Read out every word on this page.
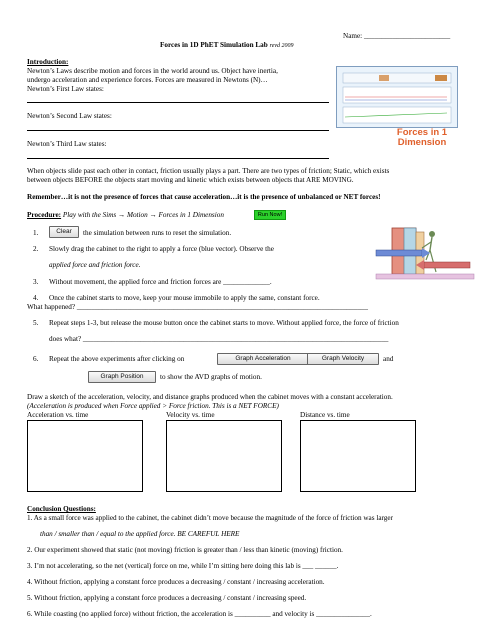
Name: ________________________
Forces in 1D PhET Simulation Lab revd 2009
Introduction:
Newton’s Laws describe motion and forces in the world around us. Object have inertia,
undergo acceleration and experience forces. Forces are measured in Newtons (N)…
Newton’s First Law states:
Newton’s Second Law states:
Newton’s Third Law states:
Forces in 1
Dimension
When objects slide past each other in contact, friction usually plays a part. There are two types of friction; Static, which exists
between objects BEFORE the objects start moving and kinetic which exists between objects that ARE MOVING.
Remember…it is not the presence of forces that cause acceleration…it is the presence of unbalanced or NET forces!
Procedure: Play with the Sims → Motion → Forces in 1 Dimension	Run Now!
1.	Clear	the simulation between runs to reset the simulation.
2. Slowly drag the cabinet to the right to apply a force (blue vector). Observe the
applied force and friction force.
3. Without movement, the applied force and friction forces are _____________.
4. Once the cabinet starts to move, keep your mouse immobile to apply the same, constant force.
What happened? _________________________________________________________________________________
5. Repeat steps 1-3, but release the mouse button once the cabinet starts to move. Without applied force, the force of friction
does what? _____________________________________________________________________________________
6. Repeat the above experiments after clicking on	Graph Acceleration	Graph Velocity	and
Graph Position	to show the AVD graphs of motion.
Draw a sketch of the acceleration, velocity, and distance graphs produced when the cabinet moves with a constant acceleration.
(Acceleration is produced when Force applied > Force friction. This is a NET FORCE)
Acceleration vs. time	Velocity vs. time	Distance vs. time
Conclusion Questions:
1. As a small force was applied to the cabinet, the cabinet didn’t move because the magnitude of the force of friction was larger
than / smaller than / equal to the applied force. BE CAREFUL HERE
2. Our experiment showed that static (not moving) friction is greater than / less than kinetic (moving) friction.
3. I’m not accelerating, so the net (vertical) force on me, while I’m sitting here doing this lab is ___ ______.
4. Without friction, applying a constant force produces a decreasing / constant / increasing acceleration.
5. Without friction, applying a constant force produces a decreasing / constant / increasing speed.
6. While coasting (no applied force) without friction, the acceleration is __________ and velocity is _______________.
